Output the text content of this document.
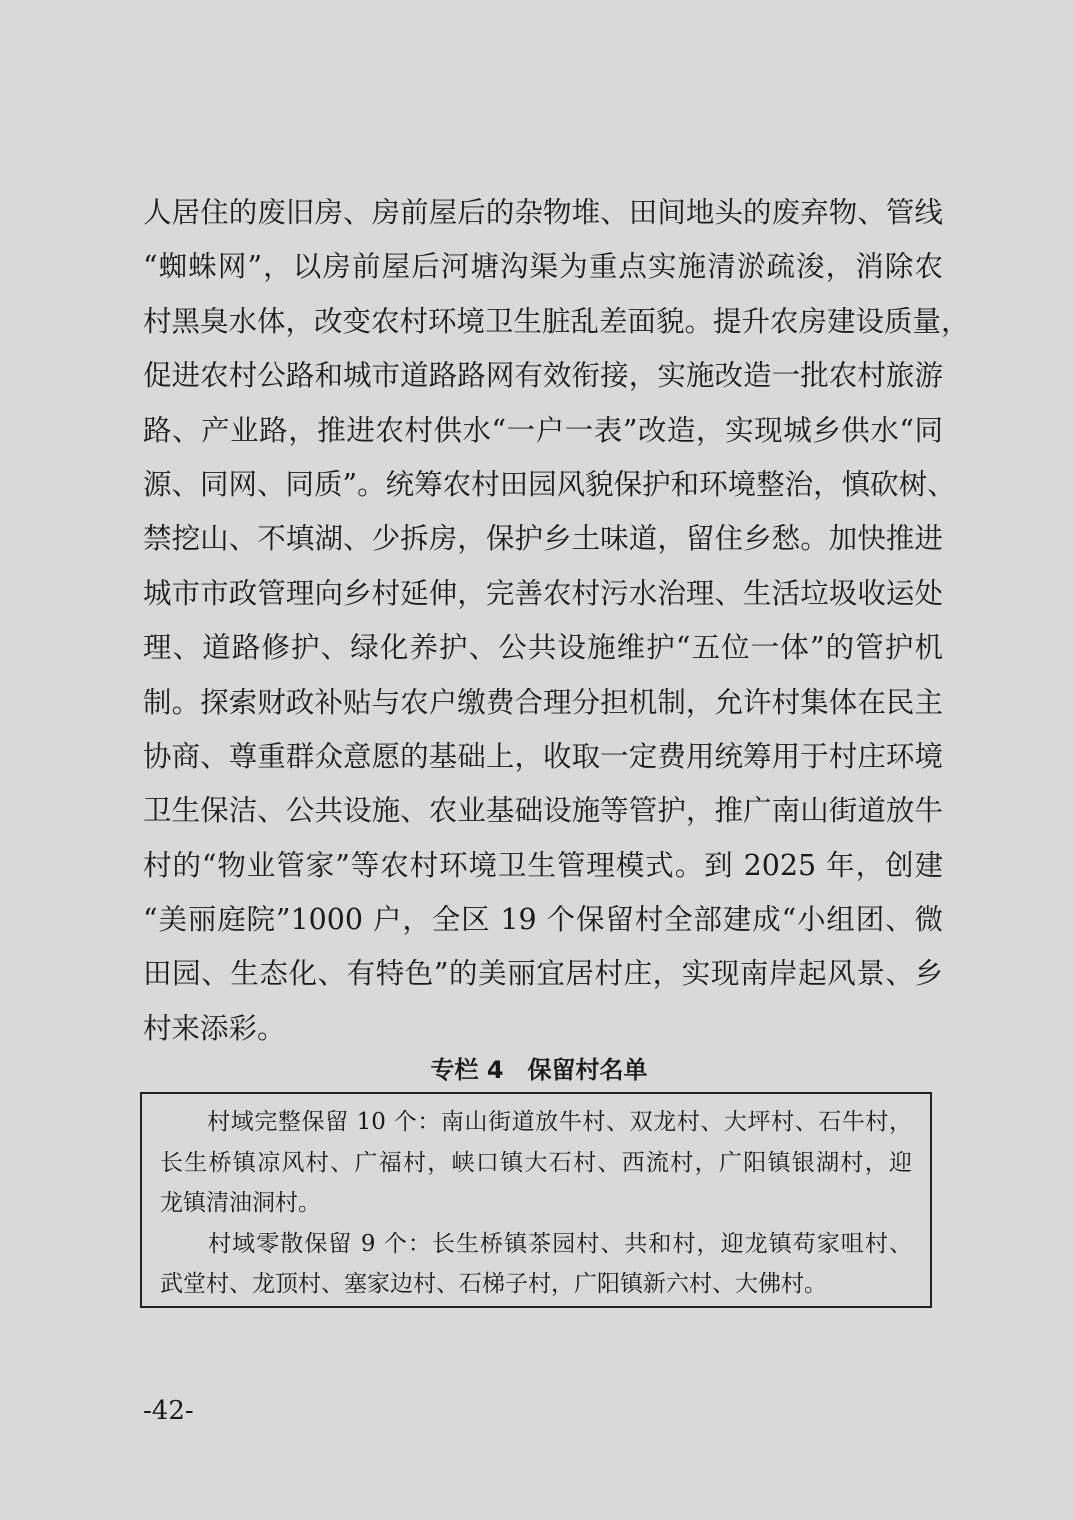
人居住的废旧房、房前屋后的杂物堆、田间地头的废弃物、管线
“蜘蛛网”，以房前屋后河塘沟渠为重点实施清淤疏浚，消除农
村黑臭水体，改变农村环境卫生脏乱差面貌。提升农房建设质量，
促进农村公路和城市道路路网有效衔接，实施改造一批农村旅游
路、产业路，推进农村供水“一户一表”改造，实现城乡供水“同
源、同网、同质”。统筹农村田园风貌保护和环境整治，慎砍树、
禁挖山、不填湖、少拆房，保护乡土味道，留住乡愁。加快推进
城市市政管理向乡村延伸，完善农村污水治理、生活垃圾收运处
理、道路修护、绿化养护、公共设施维护“五位一体”的管护机
制。探索财政补贴与农户缴费合理分担机制，允许村集体在民主
协商、尊重群众意愿的基础上，收取一定费用统筹用于村庄环境
卫生保洁、公共设施、农业基础设施等管护，推广南山街道放牛
村的“物业管家”等农村环境卫生管理模式。到 2025 年，创建
“美丽庭院”1000 户，全区 19 个保留村全部建成“小组团、微
田园、生态化、有特色”的美丽宜居村庄，实现南岸起风景、乡
村来添彩。
专栏 4　保留村名单
　　村域完整保留 10 个：南山街道放牛村、双龙村、大坪村、石牛村，
长生桥镇凉风村、广福村，峡口镇大石村、西流村，广阳镇银湖村，迎
龙镇清油洞村。
　　村域零散保留 9 个：长生桥镇茶园村、共和村，迎龙镇苟家咀村、
武堂村、龙顶村、塞家边村、石梯子村，广阳镇新六村、大佛村。
-42-
